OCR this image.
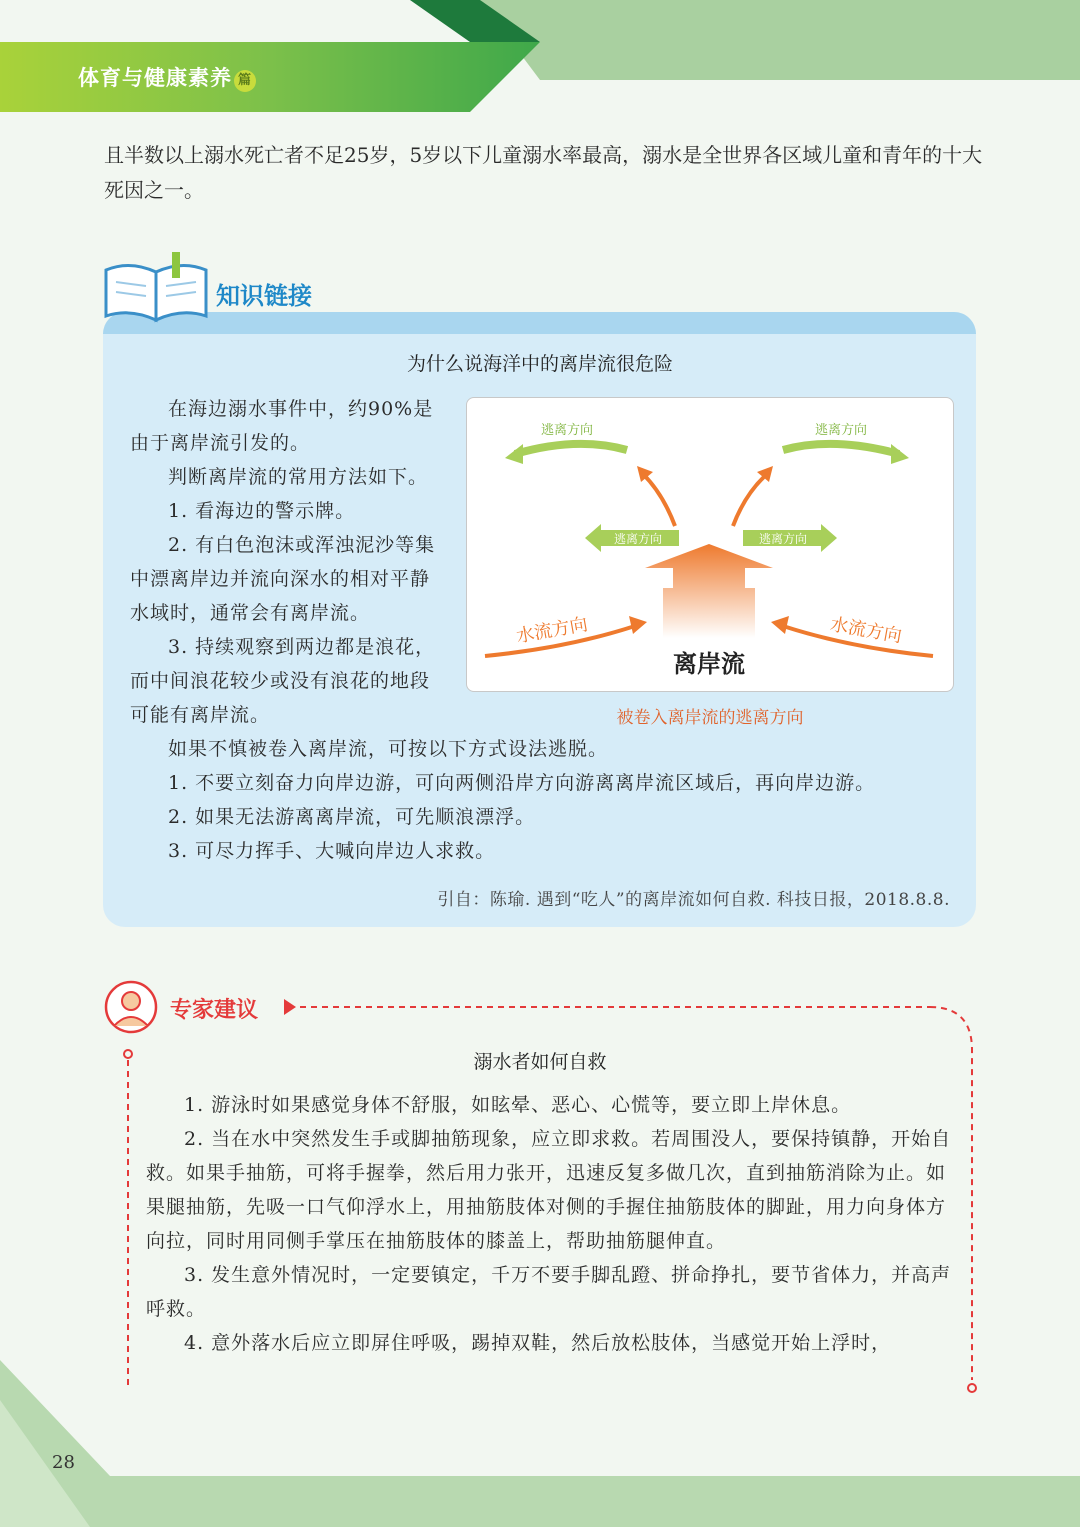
体育与健康素养 篇
且半数以上溺水死亡者不足25岁，5岁以下儿童溺水率最高，溺水是全世界各区域儿童和青年的十大死因之一。
知识链接
为什么说海洋中的离岸流很危险

在海边溺水事件中，约90%是由于离岸流引发的。

判断离岸流的常用方法如下。

1. 看海边的警示牌。

2. 有白色泡沫或浑浊泥沙等集中漂离岸边并流向深水的相对平静水域时，通常会有离岸流。

3. 持续观察到两边都是浪花，而中间浪花较少或没有浪花的地段可能有离岸流。

逃离方向	逃离方向
逃离方向	逃离方向
离岸流
水流方向	水流方向
被卷入离岸流的逃离方向

如果不慎被卷入离岸流，可按以下方式设法逃脱。

1. 不要立刻奋力向岸边游，可向两侧沿岸方向游离离岸流区域后，再向岸边游。

2. 如果无法游离离岸流，可先顺浪漂浮。

3. 可尽力挥手、大喊向岸边人求救。

引自：陈瑜. 遇到“吃人”的离岸流如何自救. 科技日报，2018.8.8.
专家建议
溺水者如何自救

1. 游泳时如果感觉身体不舒服，如眩晕、恶心、心慌等，要立即上岸休息。

2. 当在水中突然发生手或脚抽筋现象，应立即求救。若周围没人，要保持镇静，开始自救。如果手抽筋，可将手握拳，然后用力张开，迅速反复多做几次，直到抽筋消除为止。如果腿抽筋，先吸一口气仰浮水上，用抽筋肢体对侧的手握住抽筋肢体的脚趾，用力向身体方向拉，同时用同侧手掌压在抽筋肢体的膝盖上，帮助抽筋腿伸直。

3. 发生意外情况时，一定要镇定，千万不要手脚乱蹬、拼命挣扎，要节省体力，并高声呼救。

4. 意外落水后应立即屏住呼吸，踢掉双鞋，然后放松肢体，当感觉开始上浮时，

28
